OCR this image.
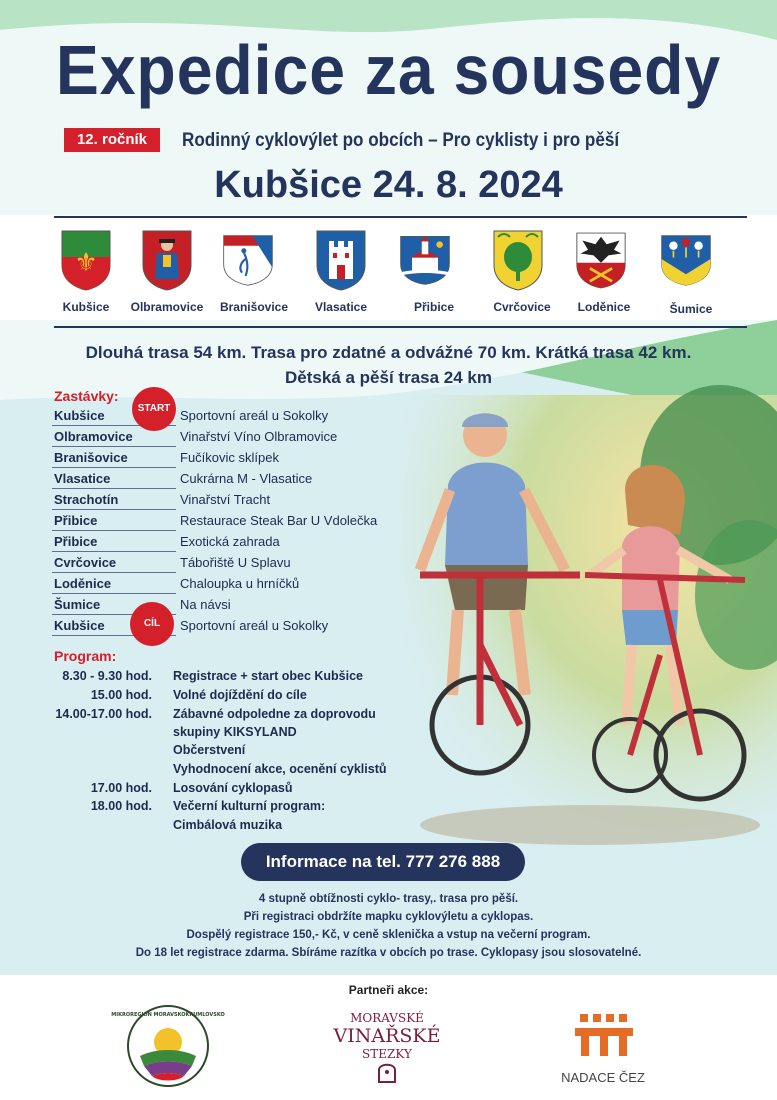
Expedice za sousedy
12. ročník	Rodinný cyklovýlet po obcích – Pro cyklisty i pro pěší
Kubšice 24. 8. 2024
⚜
Kubšice	Olbramovice	Branišovice	Vlasatice	Přibice	Cvrčovice	Loděnice	Šumice
Dlouhá trasa 54 km. Trasa pro zdatné a odvážné 70 km. Krátká trasa 42 km.
Dětská a pěší trasa 24 km
Zastávky:
Kubšice	Sportovní areál u Sokolky
Olbramovice	Vinařství Víno Olbramovice
Branišovice	Fučíkovic sklípek
Vlasatice	Cukrárna M - Vlasatice
Strachotín	Vinařství Tracht
Přibice	Restaurace Steak Bar U Vdolečka
Přibice	Exotická zahrada
Cvrčovice	Tábořiště U Splavu
Loděnice	Chaloupka u hrníčků
Šumice	Na návsi
Kubšice	Sportovní areál u Sokolky
START
CÍL
Program:
8.30 - 9.30 hod. Registrace + start obec Kubšice
15.00 hod. Volné dojíždění do cíle
14.00-17.00 hod. Zábavné odpoledne za doprovodu
skupiny KIKSYLAND
Občerstvení
Vyhodnocení akce, ocenění cyklistů
17.00 hod. Losování cyklopasů
18.00 hod. Večerní kulturní program:
Cimbálová muzika
Informace na tel. 777 276 888
4 stupně obtížnosti cyklo- trasy,. trasa pro pěší.
Při registraci obdržíte mapku cyklovýletu a cyklopas.
Dospělý registrace 150,- Kč, v ceně sklenička a vstup na večerní program.
Do 18 let registrace zdarma. Sbíráme razítka v obcích po trase. Cyklopasy jsou slosovatelné.
Partneři akce:
MIKROREGION MORAVSKOKRUMLOVSKO	MORAVSKÉ
VINAŘSKÉ
STEZKY
NADACE ČEZ
